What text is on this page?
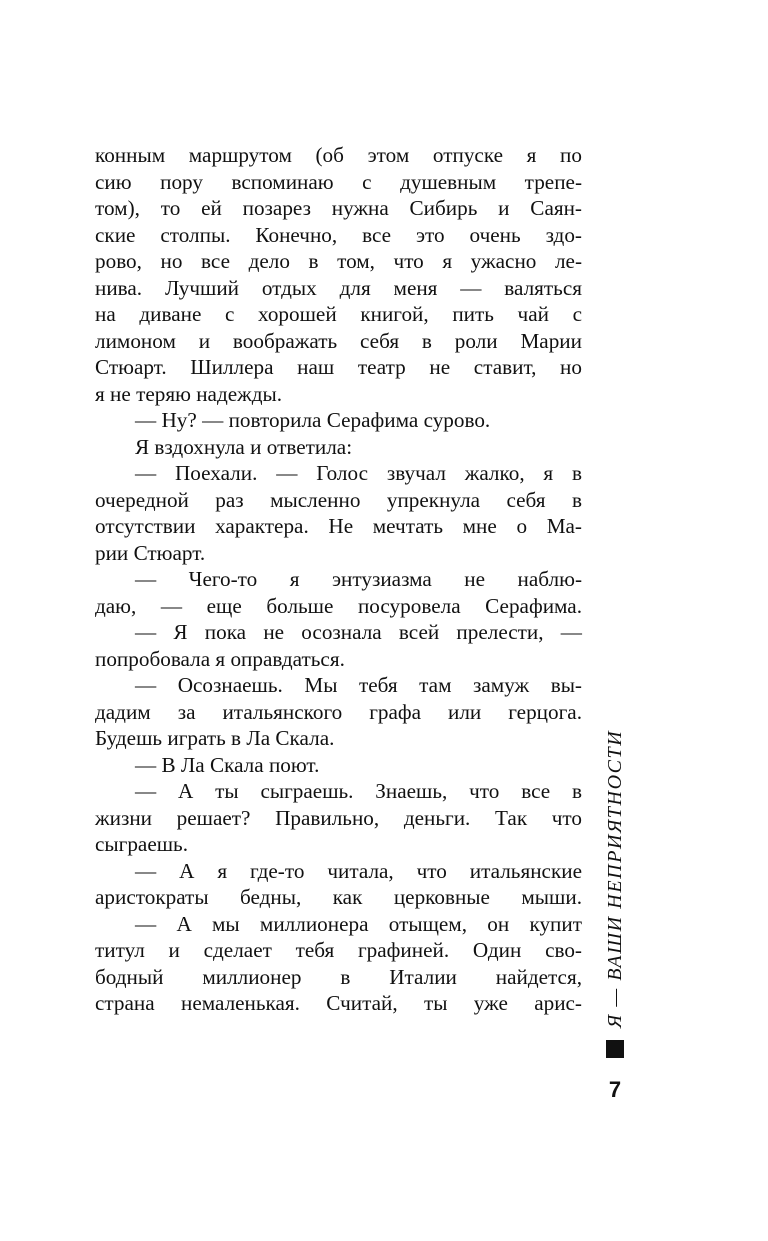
конным маршрутом (об этом отпуске я по
сию пору вспоминаю с душевным трепе-
том), то ей позарез нужна Сибирь и Саян-
ские столпы. Конечно, все это очень здо-
рово, но все дело в том, что я ужасно ле-
нива. Лучший отдых для меня — валяться
на диване с хорошей книгой, пить чай с
лимоном и воображать себя в роли Марии
Стюарт. Шиллера наш театр не ставит, но
я не теряю надежды.
— Ну? — повторила Серафима сурово.
Я вздохнула и ответила:
— Поехали. — Голос звучал жалко, я в
очередной раз мысленно упрекнула себя в
отсутствии характера. Не мечтать мне о Ма-
рии Стюарт.
— Чего-то я энтузиазма не наблю-
даю, — еще больше посуровела Серафима.
— Я пока не осознала всей прелести, —
попробовала я оправдаться.
— Осознаешь. Мы тебя там замуж вы-
дадим за итальянского графа или герцога.
Будешь играть в Ла Скала.
— В Ла Скала поют.
— А ты сыграешь. Знаешь, что все в
жизни решает? Правильно, деньги. Так что
сыграешь.
— А я где-то читала, что итальянские
аристократы бедны, как церковные мыши.
— А мы миллионера отыщем, он купит
титул и сделает тебя графиней. Один сво-
бодный миллионер в Италии найдется,
страна немаленькая. Считай, ты уже арис-	Я — ВАШИ НЕПРИЯТНОСТИ
7
